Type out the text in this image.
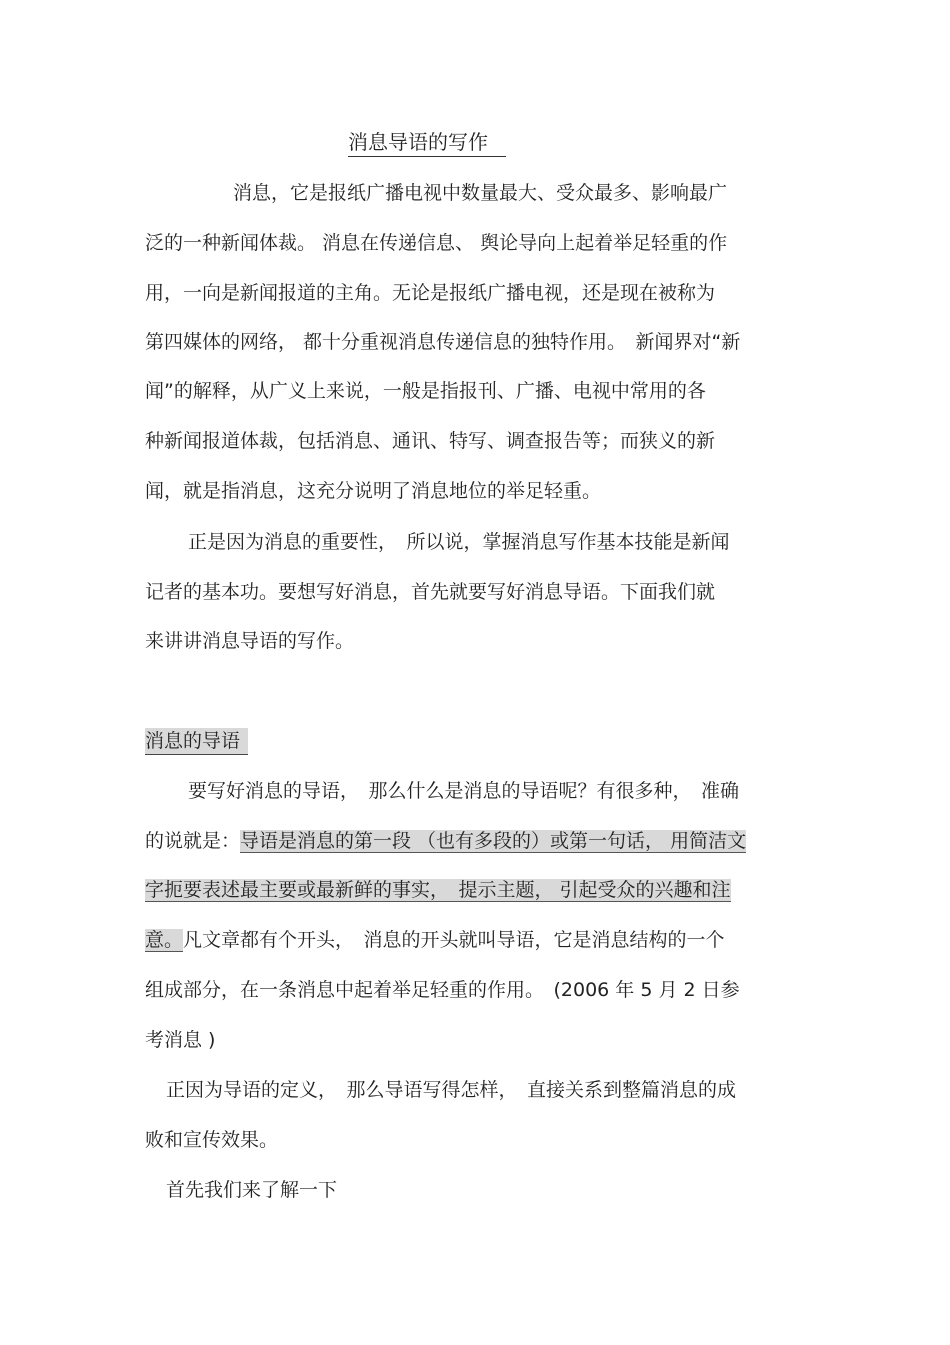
消息导语的写作
消息，它是报纸广播电视中数量最大、受众最多、影响最广
泛的一种新闻体裁。 消息在传递信息、 舆论导向上起着举足轻重的作
用，一向是新闻报道的主角。无论是报纸广播电视，还是现在被称为
第四媒体的网络， 都十分重视消息传递信息的独特作用。　新闻界对“新
闻”的解释，从广义上来说，一般是指报刊、广播、电视中常用的各
种新闻报道体裁，包括消息、通讯、特写、调查报告等；而狭义的新
闻，就是指消息，这充分说明了消息地位的举足轻重。
正是因为消息的重要性，　所以说，掌握消息写作基本技能是新闻
记者的基本功。要想写好消息，首先就要写好消息导语。下面我们就
来讲讲消息导语的写作。
消息的导语
要写好消息的导语，　那么什么是消息的导语呢？有很多种，　准确
的说就是：导语是消息的第一段 （也有多段的）或第一句话， 用简洁文
字扼要表述最主要或最新鲜的事实，　提示主题， 引起受众的兴趣和注
意。凡文章都有个开头，　消息的开头就叫导语，它是消息结构的一个
组成部分，在一条消息中起着举足轻重的作用。　(2006 年 5 月 2 日参
考消息 )
正因为导语的定义，　那么导语写得怎样，　直接关系到整篇消息的成
败和宣传效果。
首先我们来了解一下
